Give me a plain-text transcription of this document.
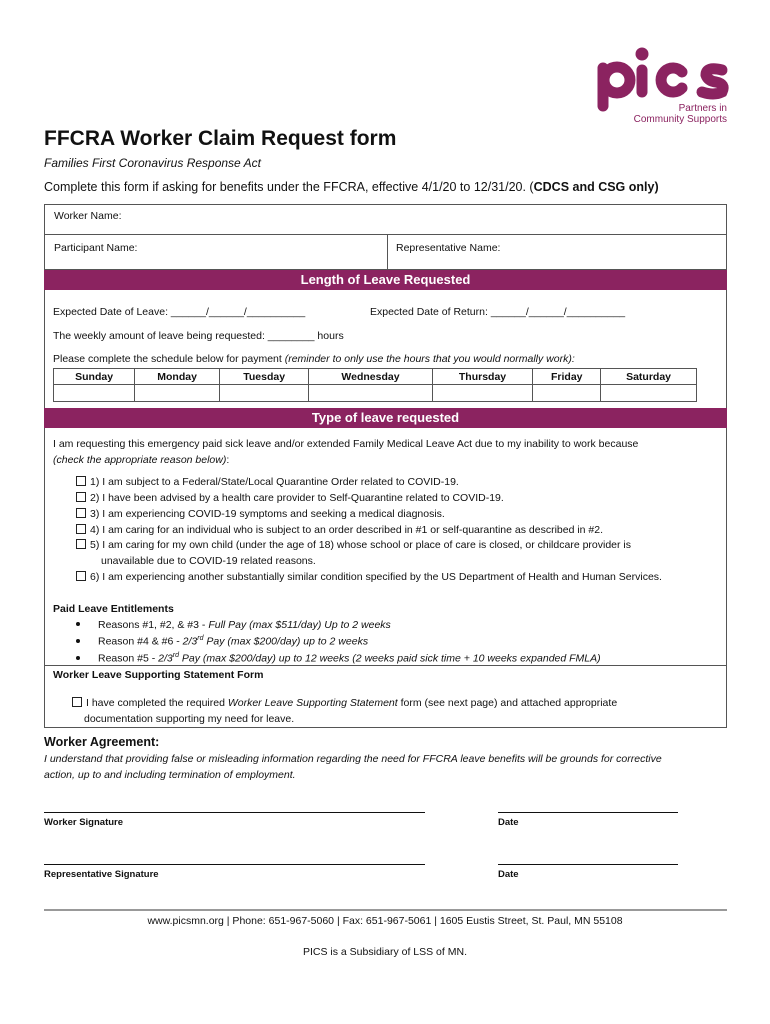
Partners in
Community Supports
FFCRA Worker Claim Request form
Families First Coronavirus Response Act
Complete this form if asking for benefits under the FFCRA, effective 4/1/20 to 12/31/20. (CDCS and CSG only)
Worker Name:
Participant Name:	Representative Name:
Length of Leave Requested
Expected Date of Leave: ______/______/__________	Expected Date of Return: ______/______/__________
The weekly amount of leave being requested: ________ hours
Please complete the schedule below for payment (reminder to only use the hours that you would normally work):
Sunday	Monday	Tuesday	Wednesday	Thursday	Friday	Saturday

Type of leave requested
I am requesting this emergency paid sick leave and/or extended Family Medical Leave Act due to my inability to work because
(check the appropriate reason below):
1) I am subject to a Federal/State/Local Quarantine Order related to COVID-19.
2) I have been advised by a health care provider to Self-Quarantine related to COVID-19.
3) I am experiencing COVID-19 symptoms and seeking a medical diagnosis.
4) I am caring for an individual who is subject to an order described in #1 or self-quarantine as described in #2.
5) I am caring for my own child (under the age of 18) whose school or place of care is closed, or childcare provider is
unavailable due to COVID-19 related reasons.
6) I am experiencing another substantially similar condition specified by the US Department of Health and Human Services.
Paid Leave Entitlements
Reasons #1, #2, & #3 - Full Pay (max $511/day) Up to 2 weeks
Reason #4 & #6 - 2/3rd Pay (max $200/day) up to 2 weeks
Reason #5 - 2/3rd Pay (max $200/day) up to 12 weeks (2 weeks paid sick time + 10 weeks expanded FMLA)
Worker Leave Supporting Statement Form
I have completed the required Worker Leave Supporting Statement form (see next page) and attached appropriate
documentation supporting my need for leave.
Worker Agreement:
I understand that providing false or misleading information regarding the need for FFCRA leave benefits will be grounds for corrective
action, up to and including termination of employment.
Worker Signature	Date
Representative Signature	Date
www.picsmn.org | Phone: 651-967-5060 | Fax: 651-967-5061 | 1605 Eustis Street, St. Paul, MN 55108
PICS is a Subsidiary of LSS of MN.
